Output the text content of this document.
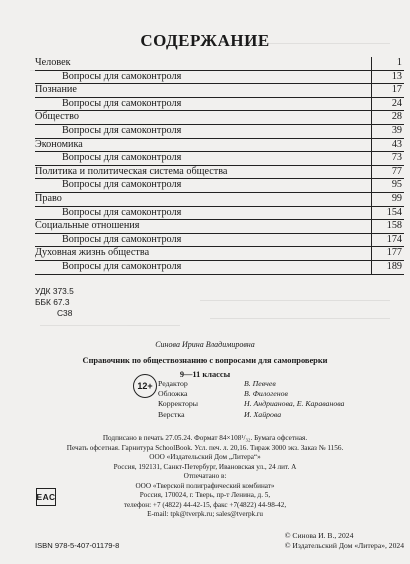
СОДЕРЖАНИЕ
Человек	1
Вопросы для самоконтроля	13
Познание	17
Вопросы для самоконтроля	24
Общество	28
Вопросы для самоконтроля	39
Экономика	43
Вопросы для самоконтроля	73
Политика и политическая система общества	77
Вопросы для самоконтроля	95
Право	99
Вопросы для самоконтроля	154
Социальные отношения	158
Вопросы для самоконтроля	174
Духовная жизнь общества	177
Вопросы для самоконтроля	189
УДК 373.5
ББК 67.3
С38
Синова Ирина Владимировна
Справочник по обществознанию с вопросами для самопроверки
9—11 классы
12+ Редактор	В. Певчев
Обложка	В. Филогенов
Корректоры	Н. Андрианова, Е. Караванова
Верстка	И. Хайрова
Подписано в печать 27.05.24. Формат 84×108¹/₃₂. Бумага офсетная.
Печать офсетная. Гарнитура SchoolBook. Усл. печ. л. 20,16. Тираж 3000 экз. Заказ № 1156.
ООО «Издательский Дом „Литера“»
Россия, 192131, Санкт-Петербург, Ивановская ул., 24 лит. А
Отпечатано в:
ООО «Тверской полиграфический комбинат»
Россия, 170024, г. Тверь, пр-т Ленина, д. 5,
телефон: +7 (4822) 44-42-15, факс +7(4822) 44-98-42,
E-mail: tpk@tverpk.ru; sales@tverpk.ru
ЕАС
ISBN 978-5-407-01179-8
© Синова И. В., 2024
© Издательский Дом «Литера», 2024
